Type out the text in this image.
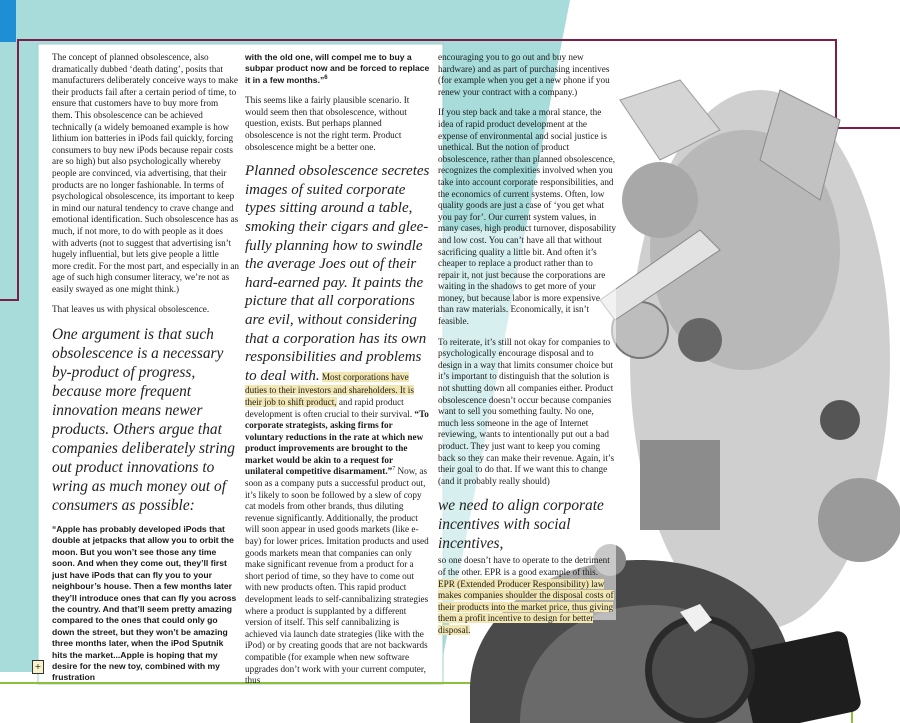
The concept of planned obsolescence, also dramatically dubbed ‘death dating’, posits that manufacturers deliberately conceive ways to make their products fail after a certain period of time, to ensure that customers have to buy more from them. This obsolescence can be achieved technically (a widely bemoaned example is how lithium ion batteries in iPods fail quickly, forcing consumers to buy new iPods because repair costs are so high) but also psychologically whereby people are convinced, via advertising, that their products are no longer fashionable. In terms of psychological obsolescence, its important to keep in mind our natural tendency to crave change and emotional identification. Such obsolescence has as much, if not more, to do with people as it does with adverts (not to suggest that advertising isn’t hugely influential, but lets give people a little more credit. For the most part, and especially in an age of such high consumer literacy, we’re not as easily swayed as one might think.)

That leaves us with physical obsolescence.

One argument is that such obsolescence is a necessary by-product of progress, because more frequent innovation means newer products. Others argue that companies deliberately string out product innovations to wring as much money out of consumers as possible:

“Apple has probably developed iPods that double at jetpacks that allow you to orbit the moon. But you won’t see those any time soon. And when they come out, they’ll first just have iPods that can fly you to your neighbour’s house. Then a few months later they’ll introduce ones that can fly you across the country. And that’ll seem pretty amazing compared to the ones that could only go down the street, but they won’t be amazing three months later, when the iPod Sputnik hits the market...Apple is hoping that my desire for the new toy, combined with my frustration

with the old one, will compel me to buy a subpar product now and be forced to replace it in a few months.”$^6$

This seems like a fairly plausible scenario. It would seem then that obsolescence, without question, exists. But perhaps planned obsolescence is not the right term. Product obsolescence might be a better one.

Planned obsolescence secretes images of suited corporate types sitting around a table, smoking their cigars and glee-fully planning how to swindle the average Joes out of their hard-earned pay. It paints the picture that all corporations are evil, without considering that a corporation has its own responsibilities and problems to deal with. Most corporations have duties to their investors and shareholders. It is their job to shift product, and rapid product development is often crucial to their survival. “To corporate strategists, asking firms for voluntary reductions in the rate at which new product improvements are brought to the market would be akin to a request for unilateral competitive disarmament.”$^7$ Now, as soon as a company puts a successful product out, it’s likely to soon be followed by a slew of copy cat models from other brands, thus diluting revenue significantly. Additionally, the product will soon appear in used goods markets (like e-bay) for lower prices. Imitation products and used goods markets mean that companies can only make significant revenue from a product for a short period of time, so they have to come out with new products often. This rapid product development leads to self-cannibalizing strategies where a product is supplanted by a different version of itself. This self cannibalizing is achieved via launch date strategies (like with the iPod) or by creating goods that are not backwards compatible (for example when new software upgrades don’t work with your current computer, thus

encouraging you to go out and buy new hardware) and as part of purchasing incentives (for example when you get a new phone if you renew your contract with a company.)

If you step back and take a moral stance, the idea of rapid product development at the expense of environmental and social justice is unethical. But the notion of product obsolescence, rather than planned obsolescence, recognizes the complexities involved when you take into account corporate responsibilities, and the economics of current systems. Often, low quality goods are just a case of ‘you get what you pay for’. Our current system values, in many cases, high product turnover, disposability and low cost. You can’t have all that without sacrificing quality a little bit. And often it’s cheaper to replace a product rather than to repair it, not just because the corporations are waiting in the shadows to get more of your money, but because labor is more expensive than raw materials. Economically, it isn’t feasible.

To reiterate, it’s still not okay for companies to psychologically encourage disposal and to design in a way that limits consumer choice but it’s important to distinguish that the solution is not shutting down all companies either. Product obsolescence doesn’t occur because companies want to sell you something faulty. No one, much less someone in the age of Internet reviewing, wants to intentionally put out a bad product. They just want to keep you coming back so they can make their revenue. Again, it’s their goal to do that. If we want this to change (and it probably really should)

we need to align corporate incentives with social incentives,

so one doesn’t have to operate to the detriment of the other. EPR is a good example of this. EPR (Extended Producer Responsibility) law makes companies shoulder the disposal costs of their products into the market price, thus giving them a profit incentive to design for better disposal.

+
